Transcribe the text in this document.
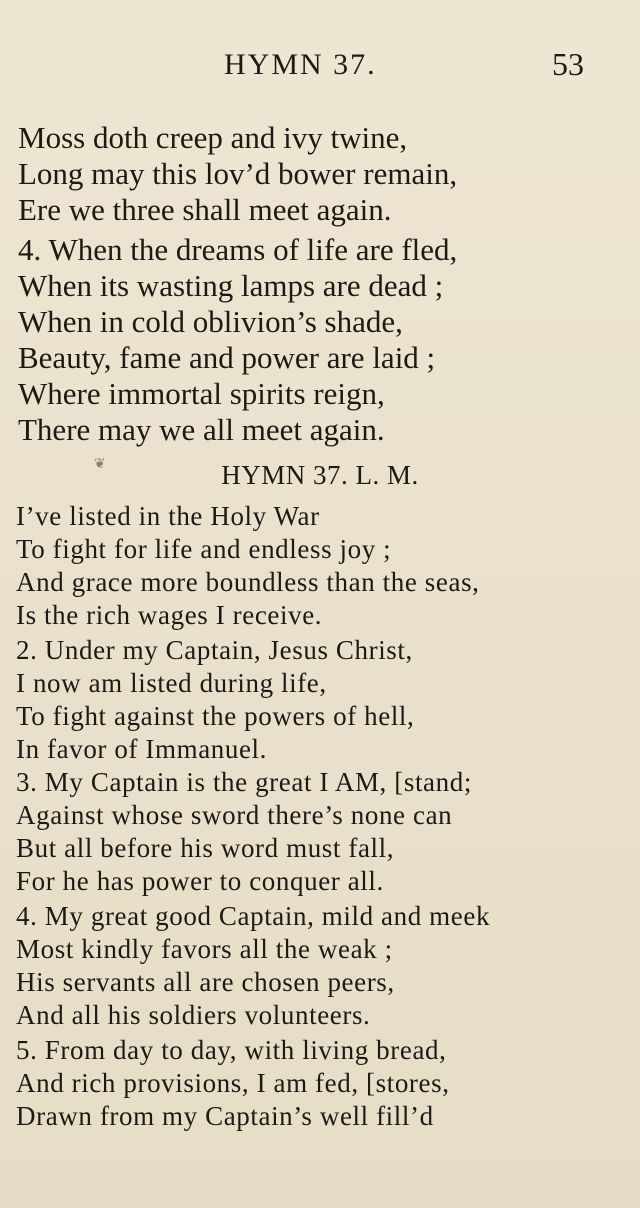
HYMN 37.	53
Moss doth creep and ivy twine,
Long may this lov’d bower remain,
Ere we three shall meet again.
4. When the dreams of life are fled,
When its wasting lamps are dead ;
When in cold oblivion’s shade,
Beauty, fame and power are laid ;
Where immortal spirits reign,
There may we all meet again.
❦	HYMN 37. L. M.
I’ve listed in the Holy War
To fight for life and endless joy ;
And grace more boundless than the seas,
Is the rich wages I receive.
2. Under my Captain, Jesus Christ,
I now am listed during life,
To fight against the powers of hell,
In favor of Immanuel.
3. My Captain is the great I AM, [stand;
Against whose sword there’s none can
But all before his word must fall,
For he has power to conquer all.
4. My great good Captain, mild and meek
Most kindly favors all the weak ;
His servants all are chosen peers,
And all his soldiers volunteers.
5. From day to day, with living bread,
And rich provisions, I am fed, [stores,
Drawn from my Captain’s well fill’d
